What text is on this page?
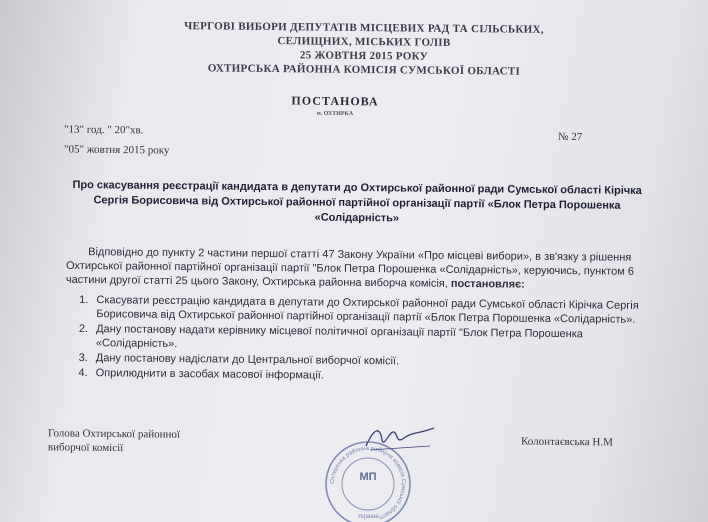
ЧЕРГОВІ ВИБОРИ ДЕПУТАТІВ МІСЦЕВИХ РАД ТА СІЛЬСЬКИХ,
СЕЛИЩНИХ, МІСЬКИХ ГОЛІВ
25 ЖОВТНЯ 2015 РОКУ
ОХТИРСЬКА РАЙОННА КОМІСІЯ СУМСЬКОЇ ОБЛАСТІ
ПОСТАНОВА
м. ОХТИРКА
"13" год. " 20"хв.
"05" жовтня 2015 року
№ 27
Про скасування реєстрації кандидата в депутати до Охтирської районної ради Сумської області Кірічка Сергія Борисовича від Охтирської районної партійної організації партії «Блок Петра Порошенка «Солідарність»
Відповідно до пункту 2 частини першої статті 47 Закону України «Про місцеві вибори», в зв'язку з рішення Охтирської районної партійної організації партії "Блок Петра Порошенка «Солідарність», керуючись, пунктом 6 частини другої статті 25 цього Закону, Охтирська районна виборча комісія, постановляє:
1. Скасувати реєстрацію кандидата в депутати до Охтирської районної ради Сумської області Кірічка Сергія Борисовича від Охтирської районної партійної організації партії «Блок Петра Порошенка «Солідарність».
2. Дану постанову надати керівнику місцевої політичної організації партії "Блок Петра Порошенка «Солідарність».
3. Дану постанову надіслати до Центральної виборчої комісії.
4. Оприлюднити в засобах масової інформації.
Голова Охтирської районної
виборчої комісії	Колонтаєвська Н.М
Охтирська районна виборча комісія Сумської області
МП
Україна
